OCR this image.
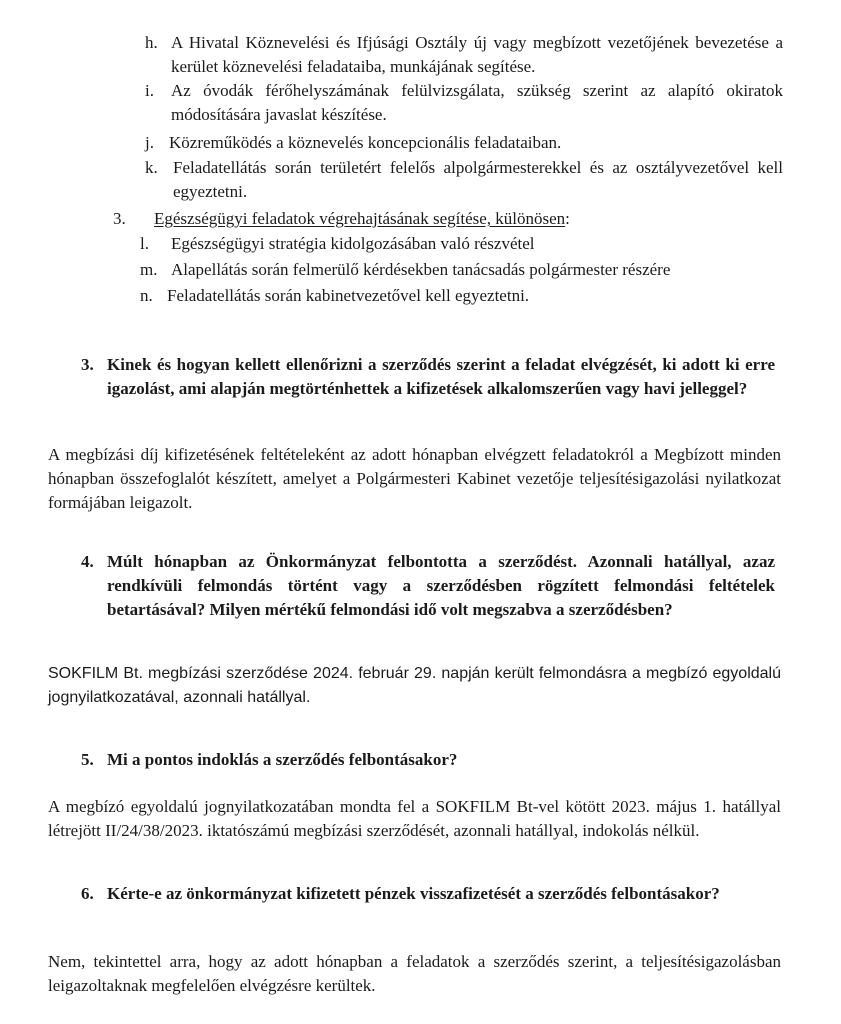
h. A Hivatal Köznevelési és Ifjúsági Osztály új vagy megbízott vezetőjének bevezetése a kerület köznevelési feladataiba, munkájának segítése.
i. Az óvodák férőhelyszámának felülvizsgálata, szükség szerint az alapító okiratok módosítására javaslat készítése.
j. Közreműködés a köznevelés koncepcionális feladataiban.
k. Feladatellátás során területért felelős alpolgármesterekkel és az osztályvezetővel kell egyeztetni.
3. Egészségügyi feladatok végrehajtásának segítése, különösen:
l. Egészségügyi stratégia kidolgozásában való részvétel
m. Alapellátás során felmerülő kérdésekben tanácsadás polgármester részére
n. Feladatellátás során kabinetvezetővel kell egyeztetni.
3. Kinek és hogyan kellett ellenőrizni a szerződés szerint a feladat elvégzését, ki adott ki erre igazolást, ami alapján megtörténhettek a kifizetések alkalomszerűen vagy havi jelleggel?
A megbízási díj kifizetésének feltételeként az adott hónapban elvégzett feladatokról a Megbízott minden hónapban összefoglalót készített, amelyet a Polgármesteri Kabinet vezetője teljesítésigazolási nyilatkozat formájában leigazolt.
4. Múlt hónapban az Önkormányzat felbontotta a szerződést. Azonnali hatállyal, azaz rendkívüli felmondás történt vagy a szerződésben rögzített felmondási feltételek betartásával? Milyen mértékű felmondási idő volt megszabva a szerződésben?
SOKFILM Bt. megbízási szerződése 2024. február 29. napján került felmondásra a megbízó egyoldalú jognyilatkozatával, azonnali hatállyal.
5. Mi a pontos indoklás a szerződés felbontásakor?
A megbízó egyoldalú jognyilatkozatában mondta fel a SOKFILM Bt-vel kötött 2023. május 1. hatállyal létrejött II/24/38/2023. iktatószámú megbízási szerződését, azonnali hatállyal, indokolás nélkül.
6. Kérte-e az önkormányzat kifizetett pénzek visszafizetését a szerződés felbontásakor?
Nem, tekintettel arra, hogy az adott hónapban a feladatok a szerződés szerint, a teljesítésigazolásban leigazoltaknak megfelelően elvégzésre kerültek.
